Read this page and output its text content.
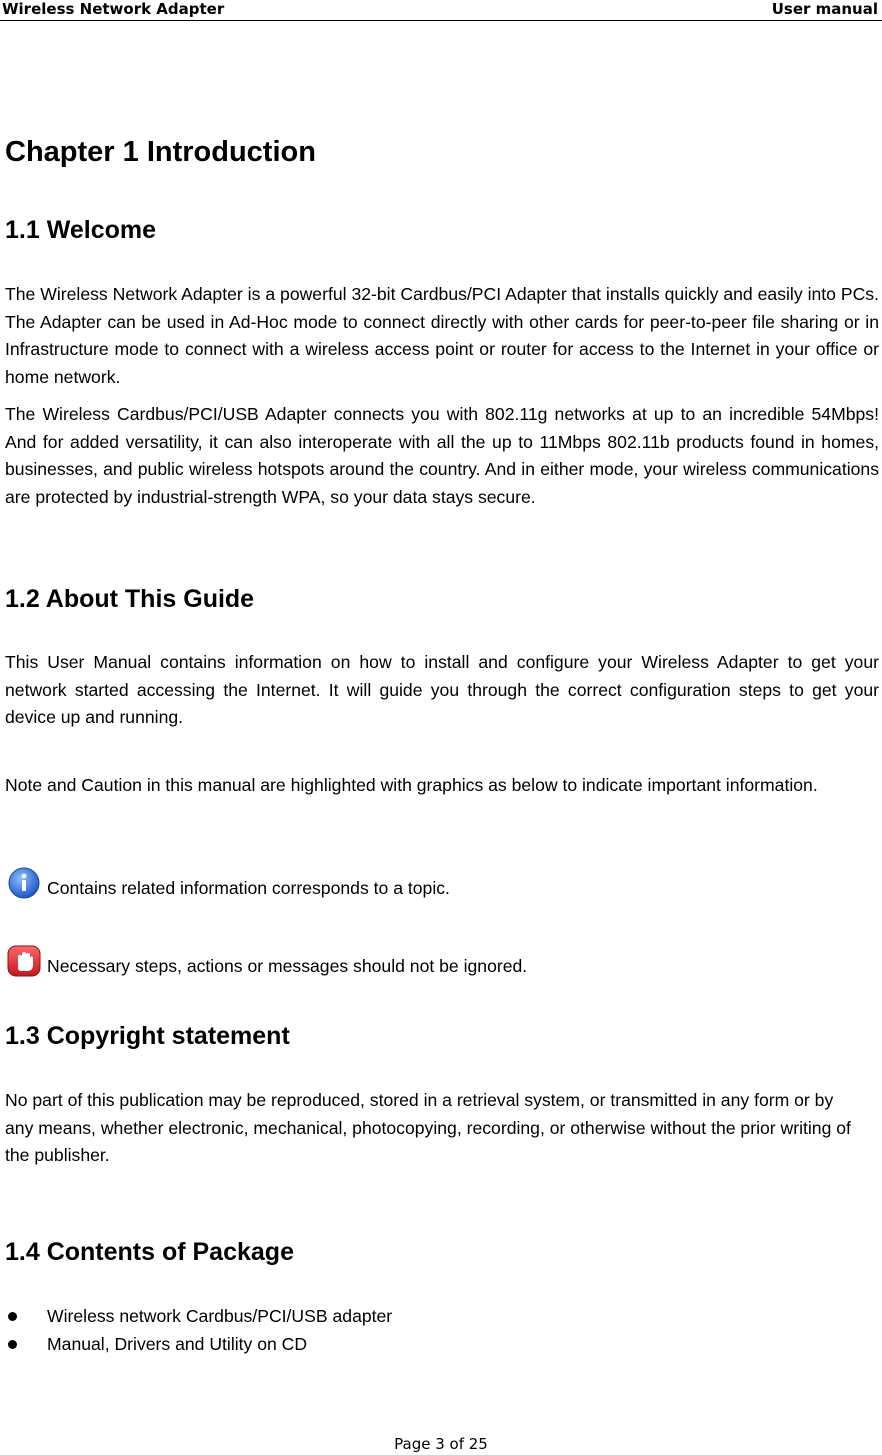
Wireless Network Adapter	User manual
Chapter 1 Introduction
1.1 Welcome

The Wireless Network Adapter is a powerful 32-bit Cardbus/PCI Adapter that installs quickly and easily into PCs. The Adapter can be used in Ad-Hoc mode to connect directly with other cards for peer-to-peer file sharing or in Infrastructure mode to connect with a wireless access point or router for access to the Internet in your office or home network.

The Wireless Cardbus/PCI/USB Adapter connects you with 802.11g networks at up to an incredible 54Mbps! And for added versatility, it can also interoperate with all the up to 11Mbps 802.11b products found in homes, businesses, and public wireless hotspots around the country. And in either mode, your wireless communications are protected by industrial-strength WPA, so your data stays secure.

1.2 About This Guide

This User Manual contains information on how to install and configure your Wireless Adapter to get your network started accessing the Internet. It will guide you through the correct configuration steps to get your device up and running.

Note and Caution in this manual are highlighted with graphics as below to indicate important information.

Contains related information corresponds to a topic.
Necessary steps, actions or messages should not be ignored.
1.3 Copyright statement

No part of this publication may be reproduced, stored in a retrieval system, or transmitted in any form or by any means, whether electronic, mechanical, photocopying, recording, or otherwise without the prior writing of the publisher.

1.4 Contents of Package
Wireless network Cardbus/PCI/USB adapter
Manual, Drivers and Utility on CD
Page 3 of 25
